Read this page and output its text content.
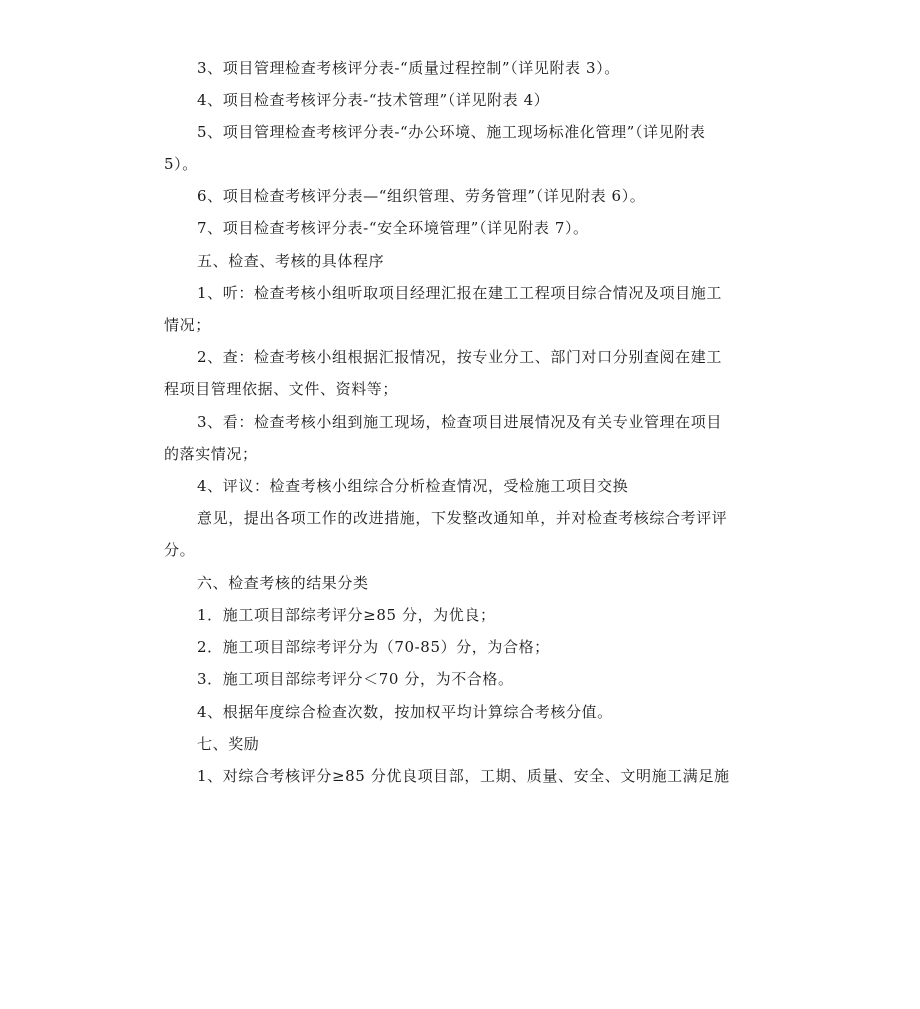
3、项目管理检查考核评分表-“质量过程控制”（详见附表 3）。
4、项目检查考核评分表-“技术管理”（详见附表 4）
5、项目管理检查考核评分表-“办公环境、施工现场标准化管理”（详见附表
5）。
6、项目检查考核评分表—“组织管理、劳务管理”（详见附表 6）。
7、项目检查考核评分表-“安全环境管理”（详见附表 7）。
五、检查、考核的具体程序
1、听：检查考核小组听取项目经理汇报在建工工程项目综合情况及项目施工
情况；
2、查：检查考核小组根据汇报情况，按专业分工、部门对口分别查阅在建工
程项目管理依据、文件、资料等；
3、看：检查考核小组到施工现场，检查项目进展情况及有关专业管理在项目
的落实情况；
4、评议：检查考核小组综合分析检查情况，受检施工项目交换
意见，提出各项工作的改进措施，下发整改通知单，并对检查考核综合考评评
分。
六、检查考核的结果分类
1．施工项目部综考评分≥85 分，为优良；
2．施工项目部综考评分为（70-85）分，为合格；
3．施工项目部综考评分＜70 分，为不合格。
4、根据年度综合检查次数，按加权平均计算综合考核分值。
七、奖励
1、对综合考核评分≥85 分优良项目部，工期、质量、安全、文明施工满足施
